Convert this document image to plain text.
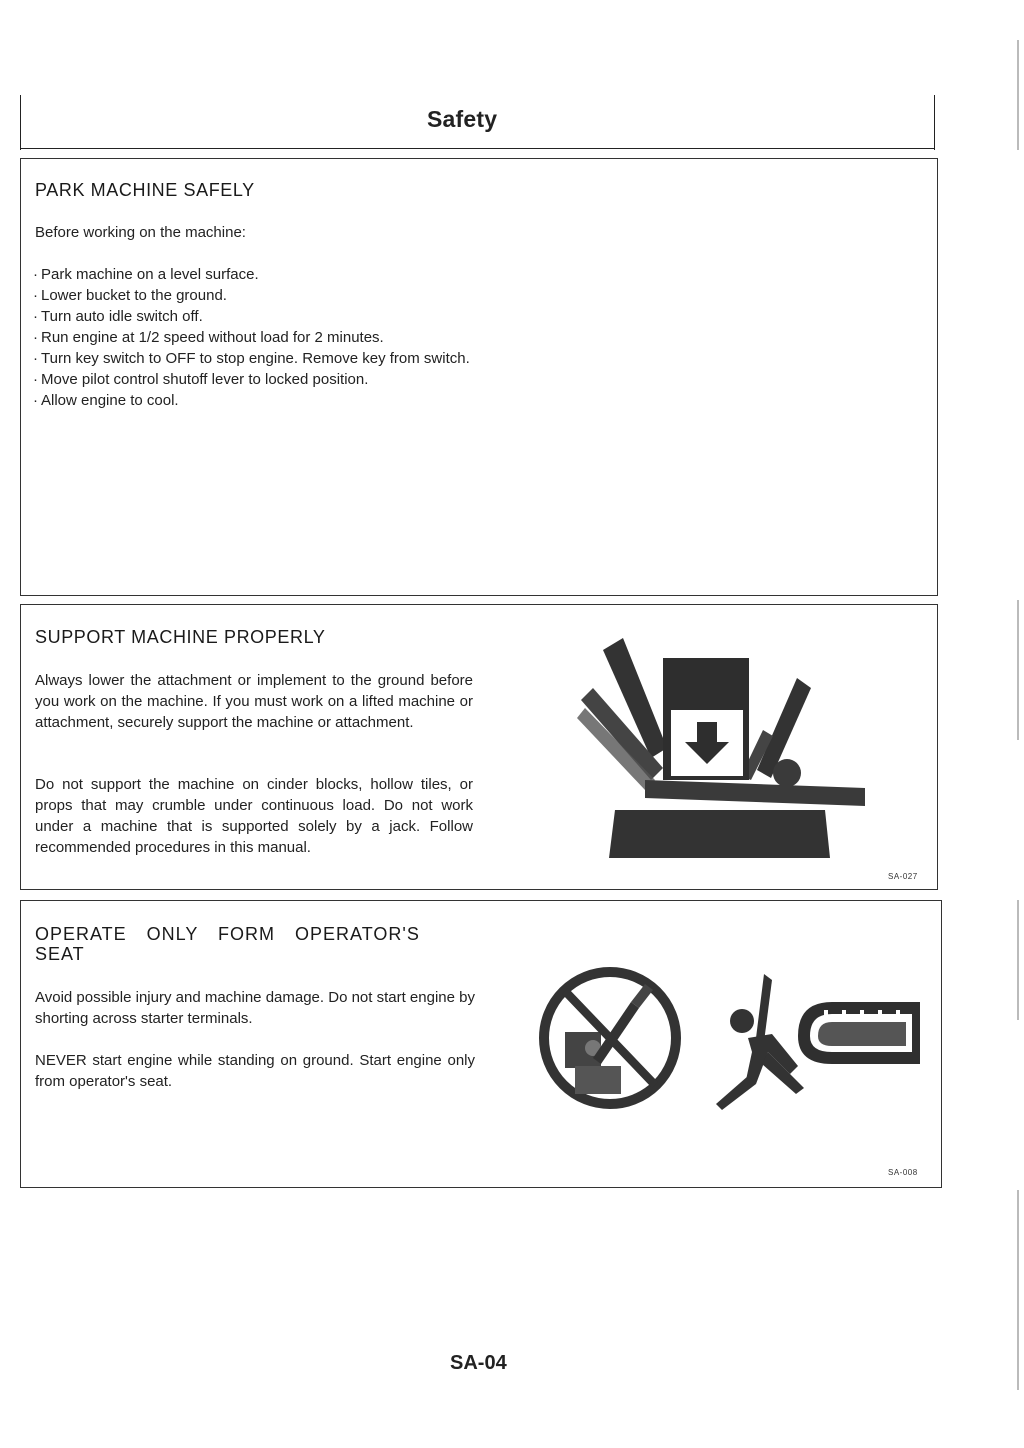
Safety
PARK MACHINE SAFELY
Before working on the machine:
· Park machine on a level surface.
· Lower bucket to the ground.
· Turn auto idle switch off.
· Run engine at 1/2 speed without load for 2 minutes.
· Turn key switch to OFF to stop engine. Remove key from switch.
· Move pilot control shutoff lever to locked position.
· Allow engine to cool.
SUPPORT MACHINE PROPERLY
Always lower the attachment or implement to the ground before you work on the machine. If you must work on a lifted machine or attachment, securely support the machine or attachment.
Do not support the machine on cinder blocks, hollow tiles, or props that may crumble under continuous load. Do not work under a machine that is supported solely by a jack. Follow recommended procedures in this manual.
SA-027
OPERATE ONLY FORM OPERATOR'S SEAT
Avoid possible injury and machine damage. Do not start engine by shorting across starter terminals.
NEVER start engine while standing on ground. Start engine only from operator's seat.
SA-008
SA-04
